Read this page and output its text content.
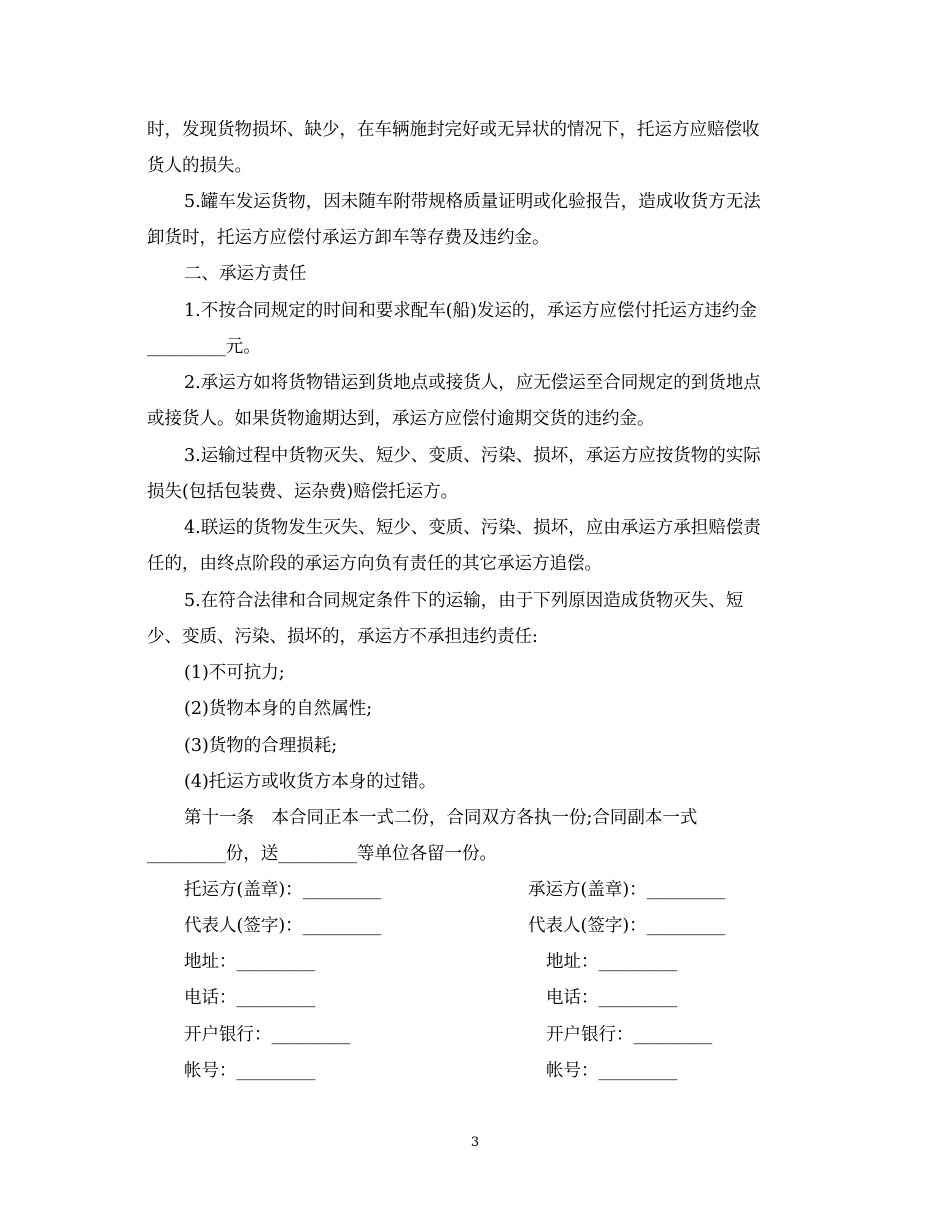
时，发现货物损坏、缺少，在车辆施封完好或无异状的情况下，托运方应赔偿收
货人的损失。
5.罐车发运货物，因未随车附带规格质量证明或化验报告，造成收货方无法
卸货时，托运方应偿付承运方卸车等存费及违约金。
二、承运方责任
1.不按合同规定的时间和要求配车(船)发运的，承运方应偿付托运方违约金
_________元。
2.承运方如将货物错运到货地点或接货人，应无偿运至合同规定的到货地点
或接货人。如果货物逾期达到，承运方应偿付逾期交货的违约金。
3.运输过程中货物灭失、短少、变质、污染、损坏，承运方应按货物的实际
损失(包括包装费、运杂费)赔偿托运方。
4.联运的货物发生灭失、短少、变质、污染、损坏，应由承运方承担赔偿责
任的，由终点阶段的承运方向负有责任的其它承运方追偿。
5.在符合法律和合同规定条件下的运输，由于下列原因造成货物灭失、短
少、变质、污染、损坏的，承运方不承担违约责任:
(1)不可抗力;
(2)货物本身的自然属性;
(3)货物的合理损耗;
(4)托运方或收货方本身的过错。
第十一条　本合同正本一式二份，合同双方各执一份;合同副本一式
_________份，送_________等单位各留一份。
托运方(盖章)：_________
代表人(签字)：_________
地址：_________
电话：_________
开户银行：_________
帐号：_________
承运方(盖章)：_________
代表人(签字)：_________
地址：_________
电话：_________
开户银行：_________
帐号：_________
3
